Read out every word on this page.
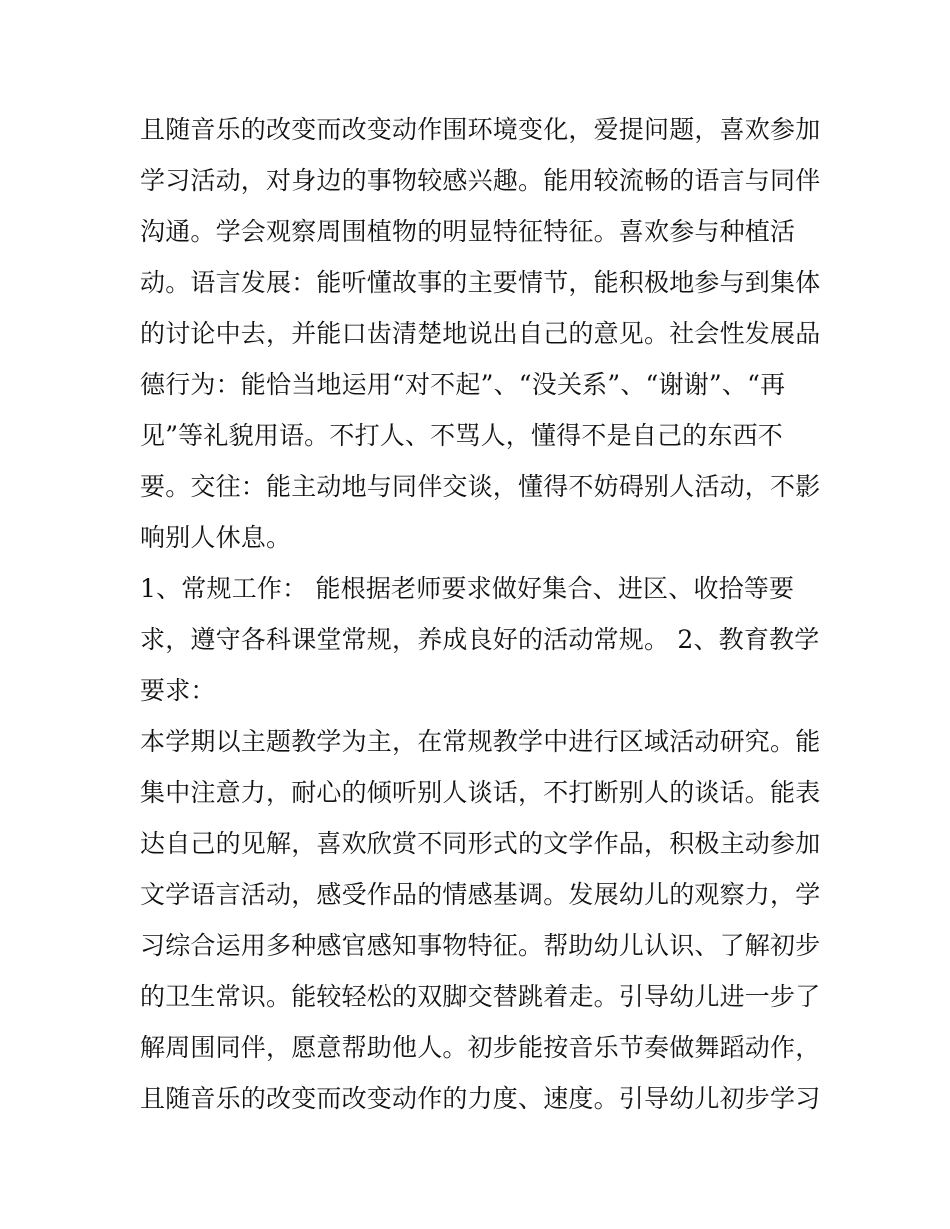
且随音乐的改变而改变动作围环境变化，爱提问题，喜欢参加
学习活动，对身边的事物较感兴趣。能用较流畅的语言与同伴
沟通。学会观察周围植物的明显特征特征。喜欢参与种植活
动。语言发展：能听懂故事的主要情节，能积极地参与到集体
的讨论中去，并能口齿清楚地说出自己的意见。社会性发展品
德行为：能恰当地运用“对不起”、“没关系”、“谢谢”、“再
见”等礼貌用语。不打人、不骂人，懂得不是自己的东西不
要。交往：能主动地与同伴交谈，懂得不妨碍别人活动，不影
响别人休息。
1、常规工作： 能根据老师要求做好集合、进区、收拾等要
求，遵守各科课堂常规，养成良好的活动常规。 2、教育教学
要求：
本学期以主题教学为主，在常规教学中进行区域活动研究。能
集中注意力，耐心的倾听别人谈话，不打断别人的谈话。能表
达自己的见解，喜欢欣赏不同形式的文学作品，积极主动参加
文学语言活动，感受作品的情感基调。发展幼儿的观察力，学
习综合运用多种感官感知事物特征。帮助幼儿认识、了解初步
的卫生常识。能较轻松的双脚交替跳着走。引导幼儿进一步了
解周围同伴，愿意帮助他人。初步能按音乐节奏做舞蹈动作，
且随音乐的改变而改变动作的力度、速度。引导幼儿初步学习
